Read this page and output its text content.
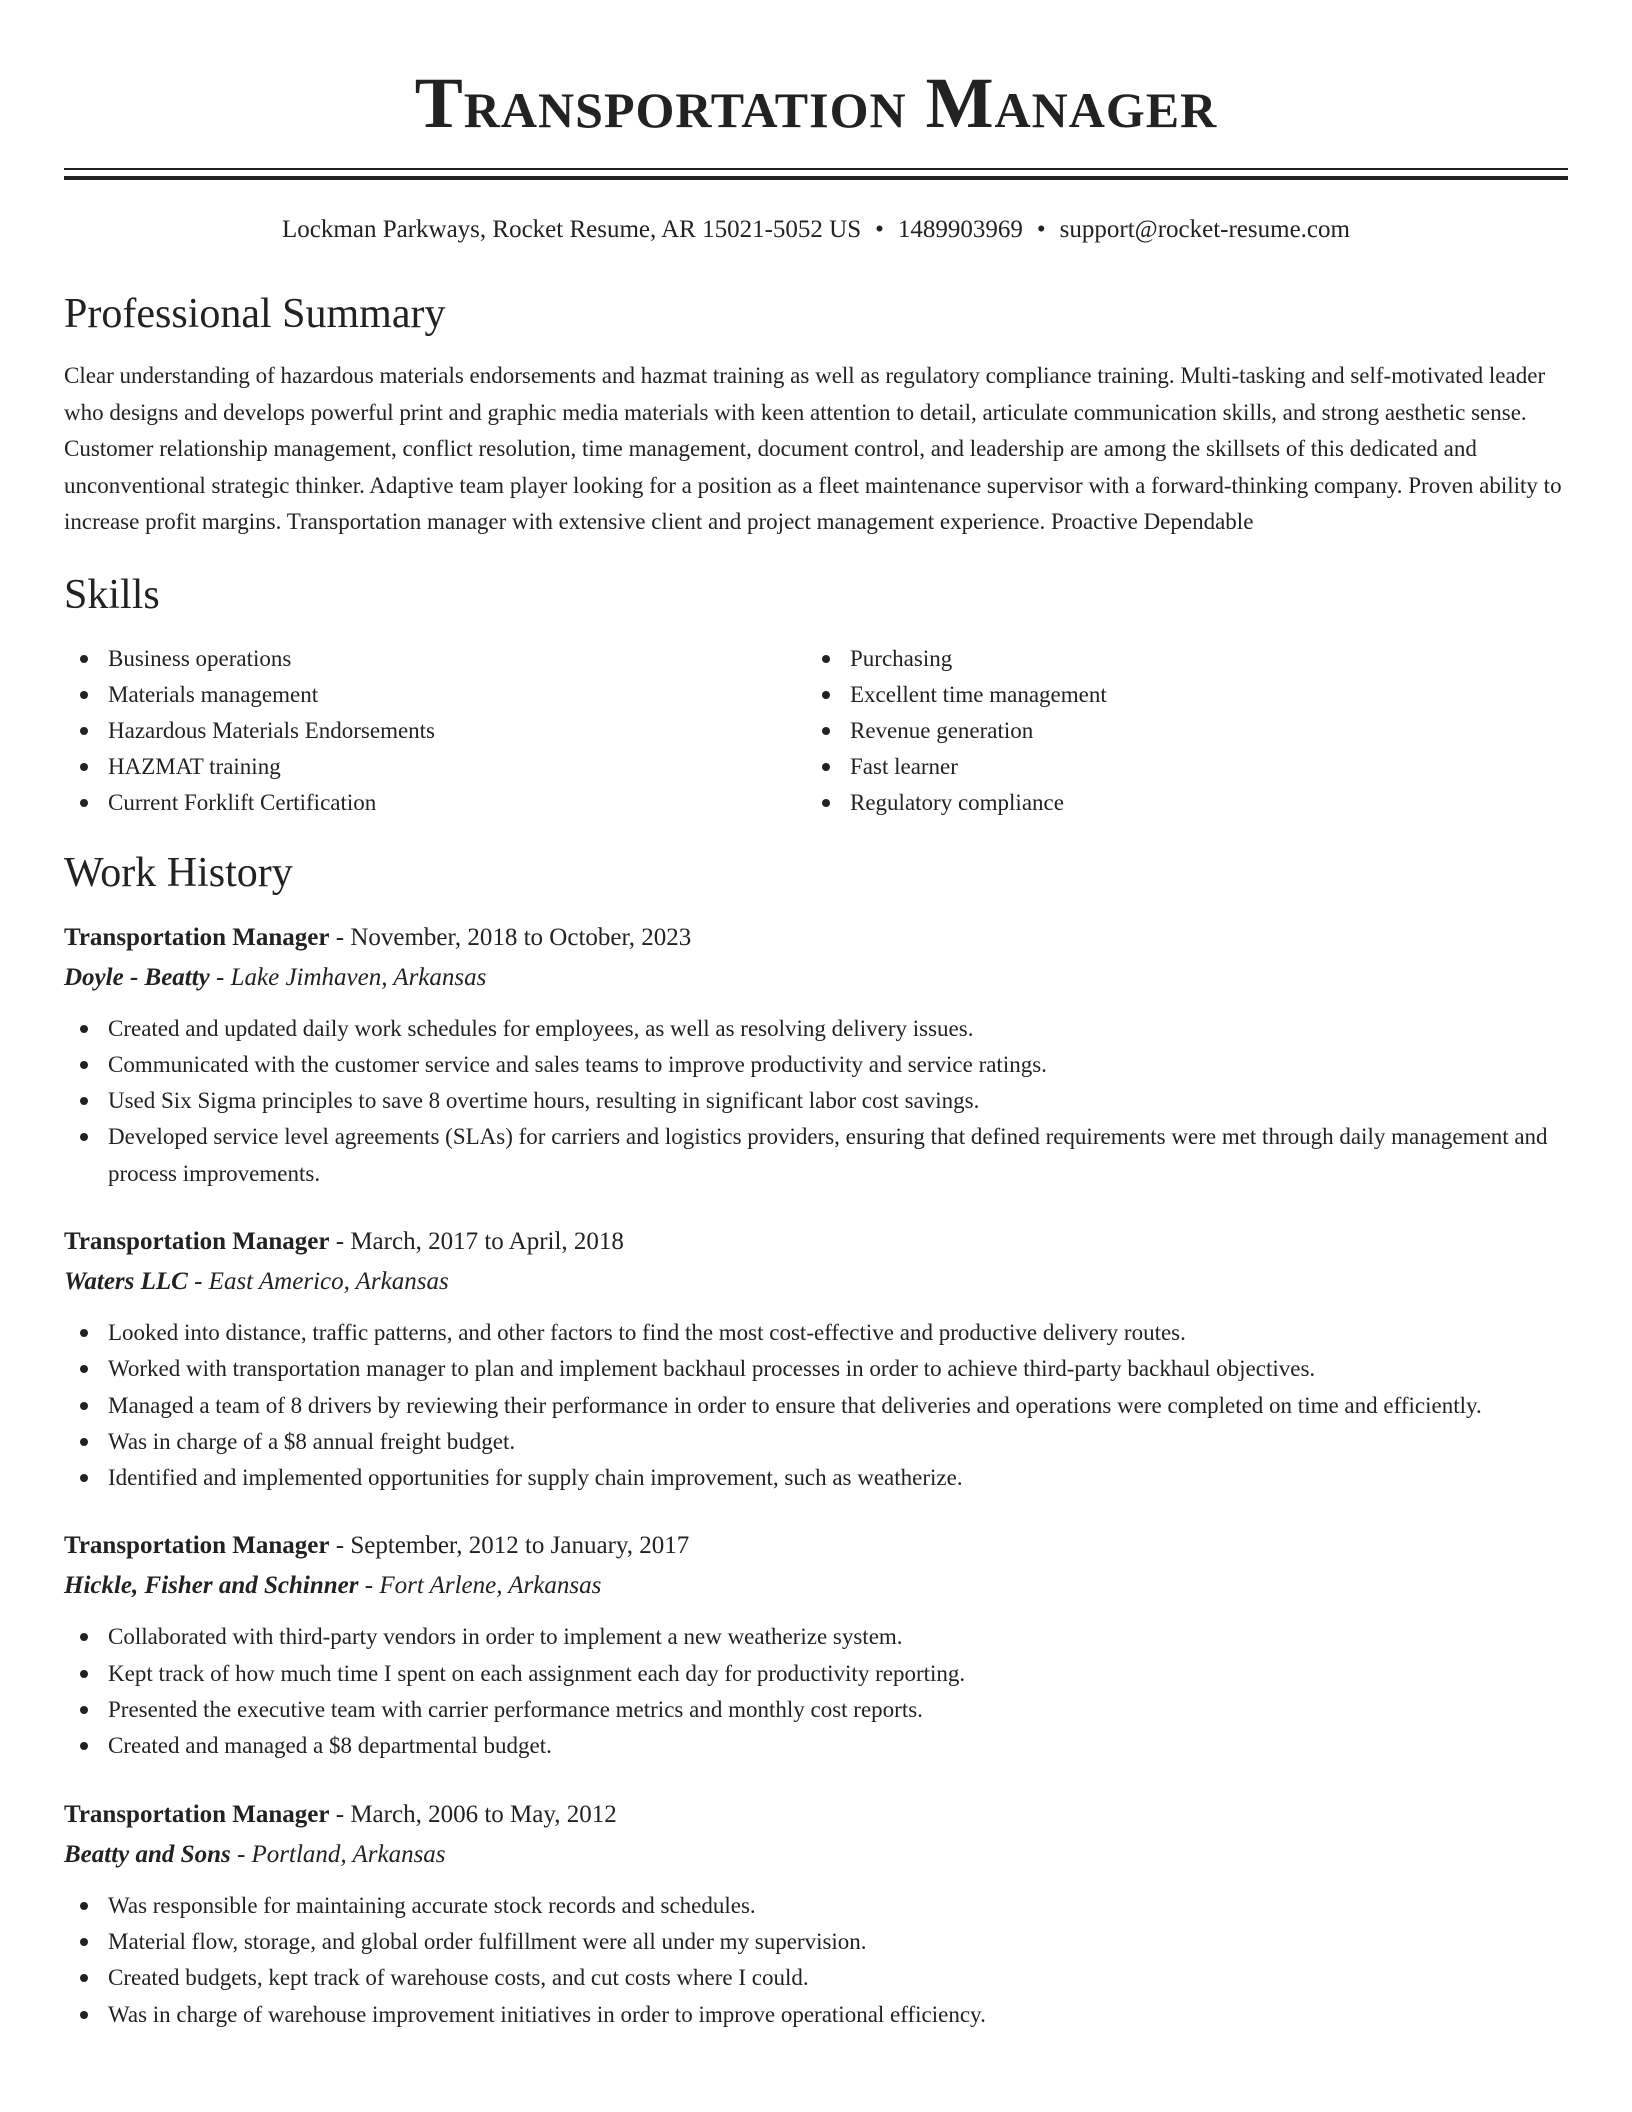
Transportation Manager
Lockman Parkways, Rocket Resume, AR 15021-5052 US • 1489903969 • support@rocket-resume.com
Professional Summary

Clear understanding of hazardous materials endorsements and hazmat training as well as regulatory compliance training. Multi-tasking and self-motivated leader who designs and develops powerful print and graphic media materials with keen attention to detail, articulate communication skills, and strong aesthetic sense. Customer relationship management, conflict resolution, time management, document control, and leadership are among the skillsets of this dedicated and unconventional strategic thinker. Adaptive team player looking for a position as a fleet maintenance supervisor with a forward-thinking company. Proven ability to increase profit margins. Transportation manager with extensive client and project management experience. Proactive Dependable

Skills
Business operations
Materials management
Hazardous Materials Endorsements
HAZMAT training
Current Forklift Certification
Purchasing
Excellent time management
Revenue generation
Fast learner
Regulatory compliance
Work History
Transportation Manager - November, 2018 to October, 2023
Doyle - Beatty - Lake Jimhaven, Arkansas
Created and updated daily work schedules for employees, as well as resolving delivery issues.
Communicated with the customer service and sales teams to improve productivity and service ratings.
Used Six Sigma principles to save 8 overtime hours, resulting in significant labor cost savings.
Developed service level agreements (SLAs) for carriers and logistics providers, ensuring that defined requirements were met through daily management and process improvements.
Transportation Manager - March, 2017 to April, 2018
Waters LLC - East Americo, Arkansas
Looked into distance, traffic patterns, and other factors to find the most cost-effective and productive delivery routes.
Worked with transportation manager to plan and implement backhaul processes in order to achieve third-party backhaul objectives.
Managed a team of 8 drivers by reviewing their performance in order to ensure that deliveries and operations were completed on time and efficiently.
Was in charge of a $8 annual freight budget.
Identified and implemented opportunities for supply chain improvement, such as weatherize.
Transportation Manager - September, 2012 to January, 2017
Hickle, Fisher and Schinner - Fort Arlene, Arkansas
Collaborated with third-party vendors in order to implement a new weatherize system.
Kept track of how much time I spent on each assignment each day for productivity reporting.
Presented the executive team with carrier performance metrics and monthly cost reports.
Created and managed a $8 departmental budget.
Transportation Manager - March, 2006 to May, 2012
Beatty and Sons - Portland, Arkansas
Was responsible for maintaining accurate stock records and schedules.
Material flow, storage, and global order fulfillment were all under my supervision.
Created budgets, kept track of warehouse costs, and cut costs where I could.
Was in charge of warehouse improvement initiatives in order to improve operational efficiency.
